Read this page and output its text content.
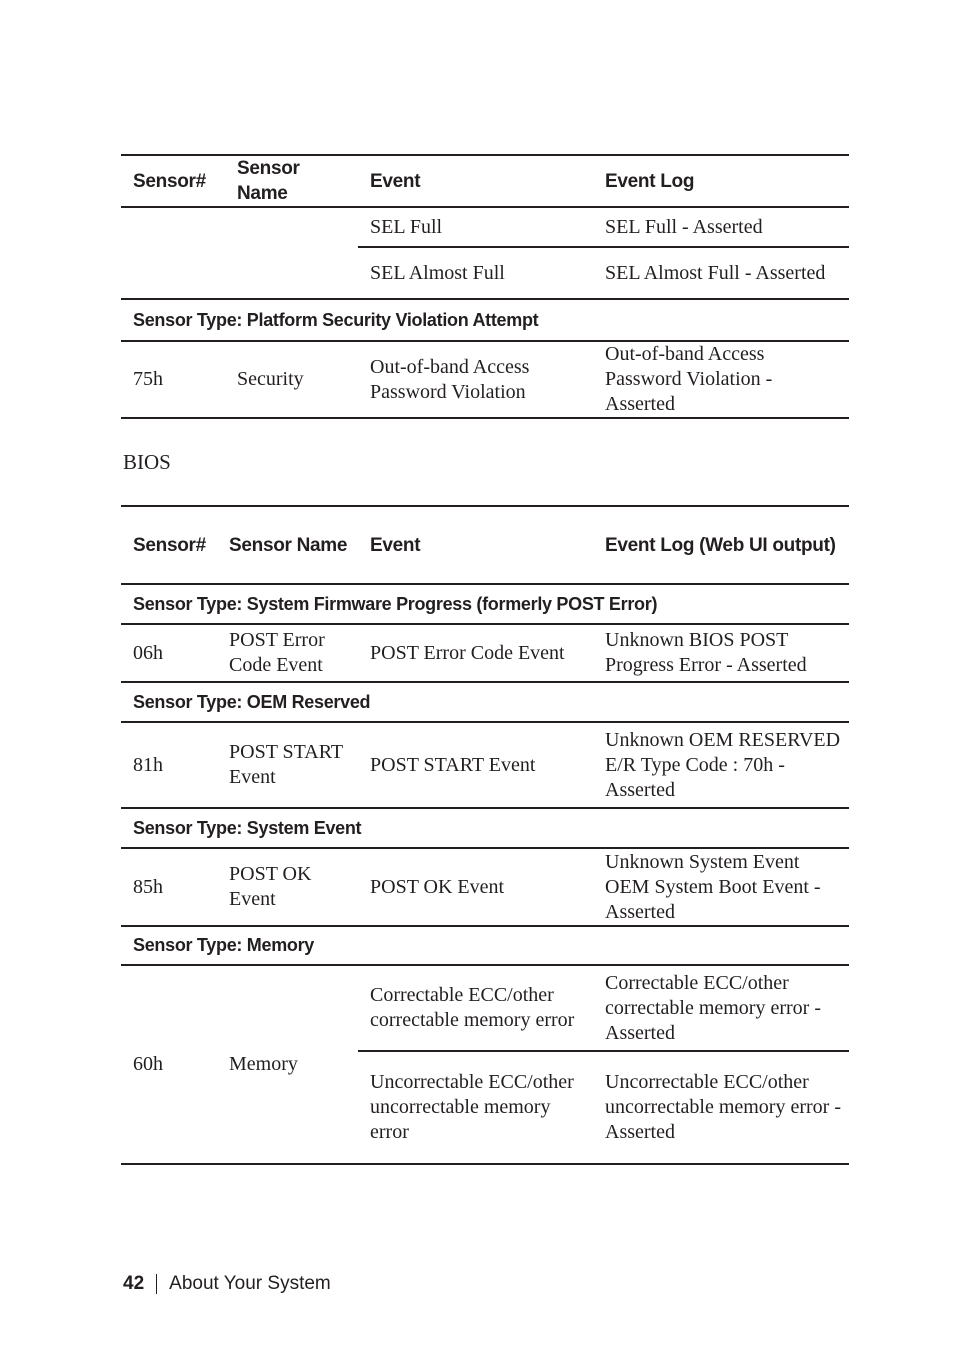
Sensor#	Sensor Name	Event	Event Log
		SEL Full	SEL Full - Asserted
		SEL Almost Full	SEL Almost Full - Asserted
Sensor Type: Platform Security Violation Attempt			
75h	Security	Out-of-band Access Password Violation	Out-of-band Access Password Violation - Asserted
BIOS
Sensor#	Sensor Name	Event	Event Log (Web UI output)
Sensor Type: System Firmware Progress (formerly POST Error)			
06h	POST Error Code Event	POST Error Code Event	Unknown BIOS POST Progress Error - Asserted
Sensor Type: OEM Reserved			
81h	POST START Event	POST START Event	Unknown OEM RESERVED E/R Type Code : 70h - Asserted
Sensor Type: System Event			
85h	POST OK Event	POST OK Event	Unknown System Event OEM System Boot Event - Asserted
Sensor Type: Memory			
60h	Memory	Correctable ECC/other correctable memory error	Correctable ECC/other correctable memory error - Asserted
		Uncorrectable ECC/other uncorrectable memory error	Uncorrectable ECC/other uncorrectable memory error - Asserted
42 About Your System
